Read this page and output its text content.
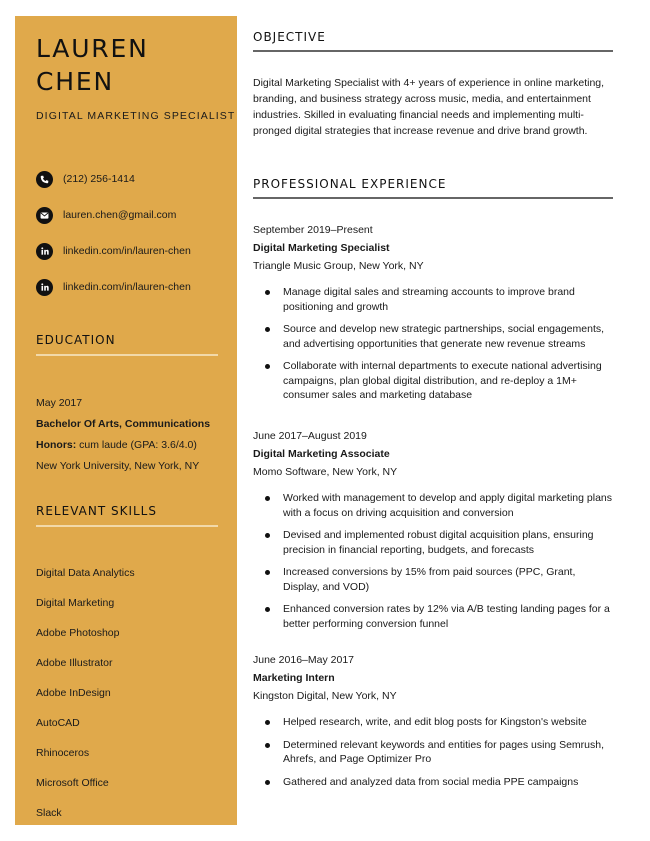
LAUREN
CHEN
DIGITAL MARKETING SPECIALIST
(212) 256-1414
lauren.chen@gmail.com
linkedin.com/in/lauren-chen
linkedin.com/in/lauren-chen
EDUCATION
May 2017
Bachelor Of Arts, Communications
Honors: cum laude (GPA: 3.6/4.0)
New York University, New York, NY
RELEVANT SKILLS
Digital Data Analytics
Digital Marketing
Adobe Photoshop
Adobe Illustrator
Adobe InDesign
AutoCAD
Rhinoceros
Microsoft Office
Slack
OBJECTIVE

Digital Marketing Specialist with 4+ years of experience in online marketing, branding, and business strategy across music, media, and entertainment industries. Skilled in evaluating financial needs and implementing multi-pronged digital strategies that increase revenue and drive brand growth.

PROFESSIONAL EXPERIENCE
September 2019–Present
Digital Marketing Specialist
Triangle Music Group, New York, NY
Manage digital sales and streaming accounts to improve brand positioning and growth
Source and develop new strategic partnerships, social engagements, and advertising opportunities that generate new revenue streams
Collaborate with internal departments to execute national advertising campaigns, plan global digital distribution, and re-deploy a 1M+ consumer sales and marketing database
June 2017–August 2019
Digital Marketing Associate
Momo Software, New York, NY
Worked with management to develop and apply digital marketing plans with a focus on driving acquisition and conversion
Devised and implemented robust digital acquisition plans, ensuring precision in financial reporting, budgets, and forecasts
Increased conversions by 15% from paid sources (PPC, Grant, Display, and VOD)
Enhanced conversion rates by 12% via A/B testing landing pages for a better performing conversion funnel
June 2016–May 2017
Marketing Intern
Kingston Digital, New York, NY
Helped research, write, and edit blog posts for Kingston's website
Determined relevant keywords and entities for pages using Semrush, Ahrefs, and Page Optimizer Pro
Gathered and analyzed data from social media PPE campaigns
